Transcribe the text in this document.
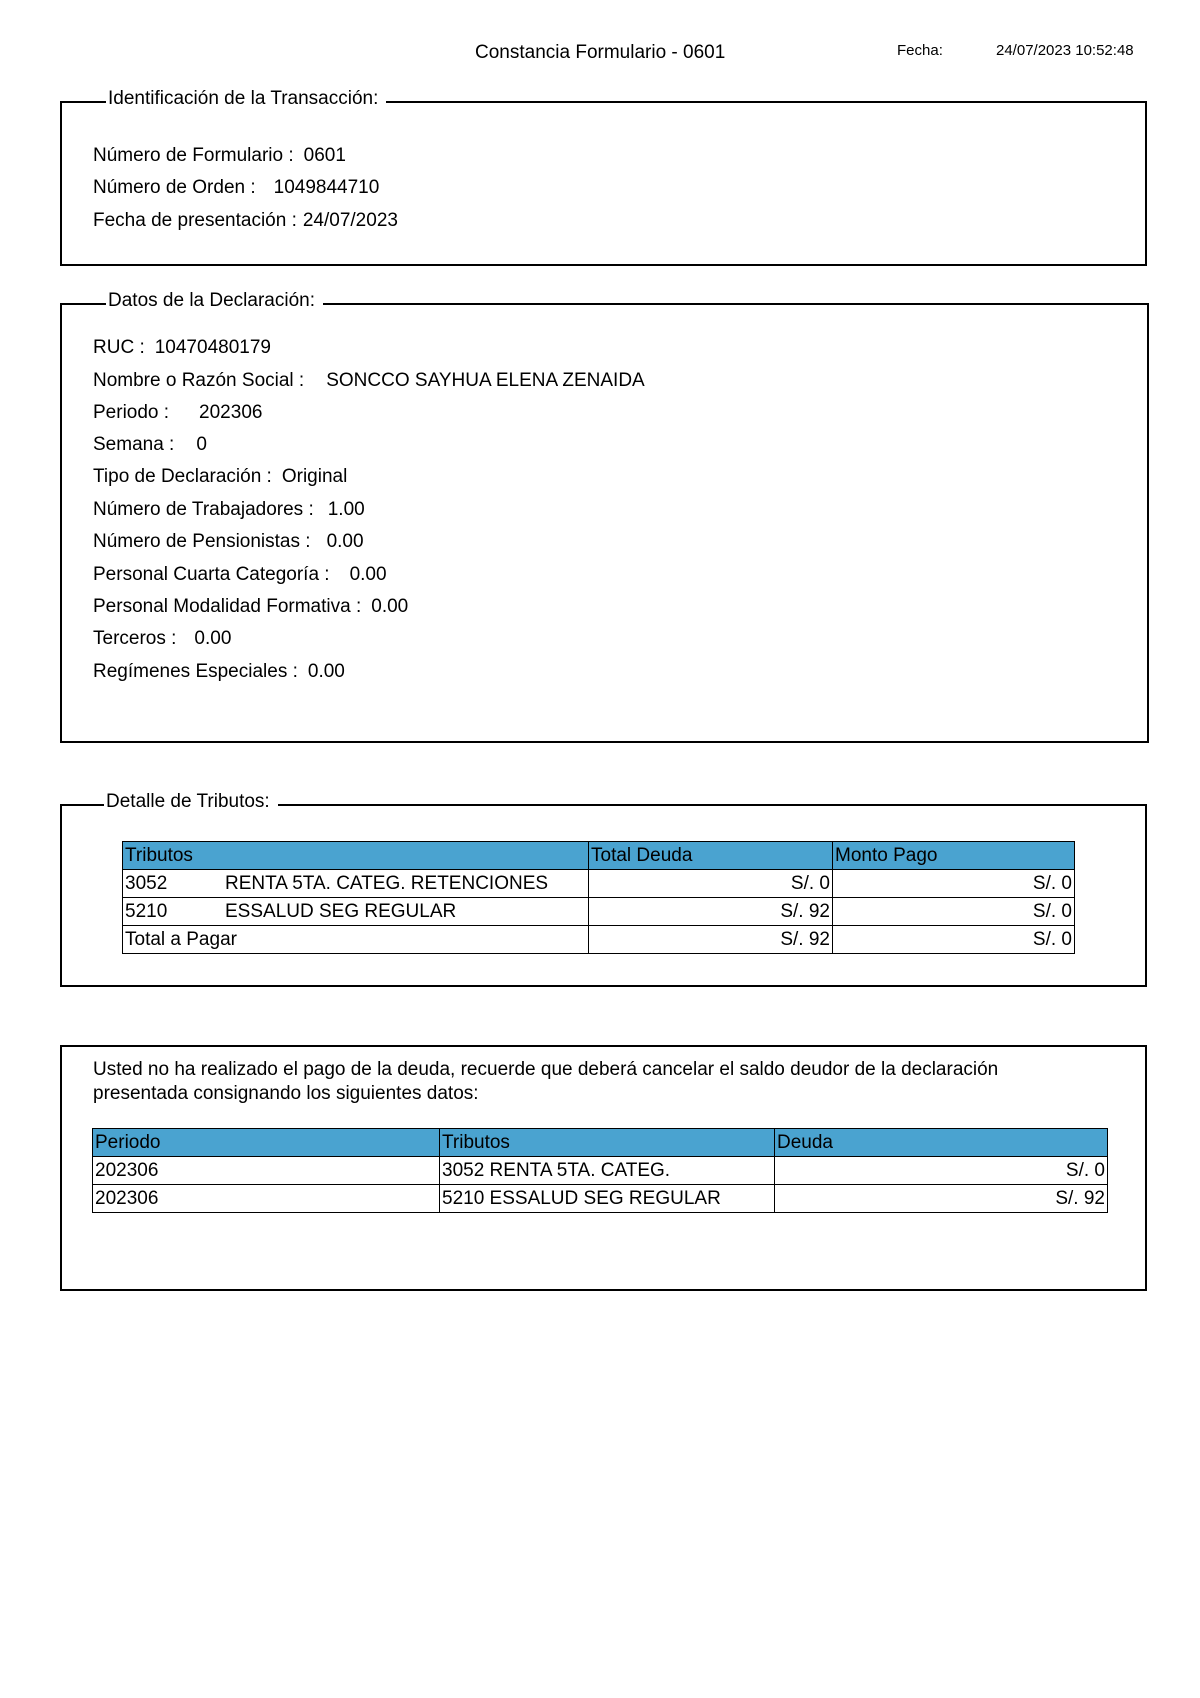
Constancia Formulario - 0601	Fecha:	24/07/2023 10:52:48
Identificación de la Transacción:
Número de Formulario : 0601
Número de Orden : 1049844710
Fecha de presentación : 24/07/2023
Datos de la Declaración:
RUC : 10470480179
Nombre o Razón Social : SONCCO SAYHUA ELENA ZENAIDA
Periodo : 202306
Semana : 0
Tipo de Declaración : Original
Número de Trabajadores : 1.00
Número de Pensionistas : 0.00
Personal Cuarta Categoría : 0.00
Personal Modalidad Formativa : 0.00
Terceros : 0.00
Regímenes Especiales : 0.00
Detalle de Tributos:
Tributos	Total Deuda	Monto Pago
3052 RENTA 5TA. CATEG. RETENCIONES	S/. 0	S/. 0
5210 ESSALUD SEG REGULAR	S/. 92	S/. 0
Total a Pagar	S/. 92	S/. 0
Usted no ha realizado el pago de la deuda, recuerde que deberá cancelar el saldo deudor de la declaración presentada consignando los siguientes datos:
Periodo	Tributos	Deuda
202306	3052 RENTA 5TA. CATEG.	S/. 0
202306	5210 ESSALUD SEG REGULAR	S/. 92
